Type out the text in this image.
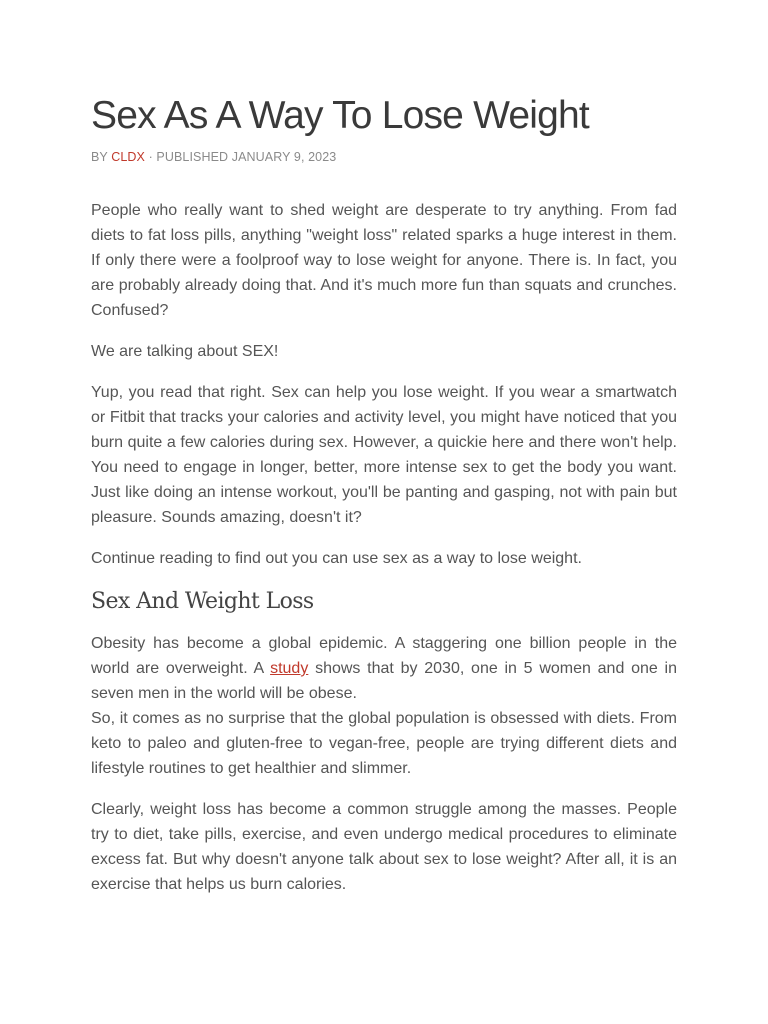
Sex As A Way To Lose Weight
BY CLDX · PUBLISHED JANUARY 9, 2023

People who really want to shed weight are desperate to try anything. From fad diets to fat loss pills, anything "weight loss" related sparks a huge interest in them. If only there were a foolproof way to lose weight for anyone. There is. In fact, you are probably already doing that. And it's much more fun than squats and crunches. Confused?

We are talking about SEX!

Yup, you read that right. Sex can help you lose weight. If you wear a smartwatch or Fitbit that tracks your calories and activity level, you might have noticed that you burn quite a few calories during sex. However, a quickie here and there won't help. You need to engage in longer, better, more intense sex to get the body you want. Just like doing an intense workout, you'll be panting and gasping, not with pain but pleasure. Sounds amazing, doesn't it?

Continue reading to find out you can use sex as a way to lose weight.

Sex And Weight Loss

Obesity has become a global epidemic. A staggering one billion people in the world are overweight. A study shows that by 2030, one in 5 women and one in seven men in the world will be obese.

So, it comes as no surprise that the global population is obsessed with diets. From keto to paleo and gluten-free to vegan-free, people are trying different diets and lifestyle routines to get healthier and slimmer.

Clearly, weight loss has become a common struggle among the masses. People try to diet, take pills, exercise, and even undergo medical procedures to eliminate excess fat. But why doesn't anyone talk about sex to lose weight? After all, it is an exercise that helps us burn calories.
